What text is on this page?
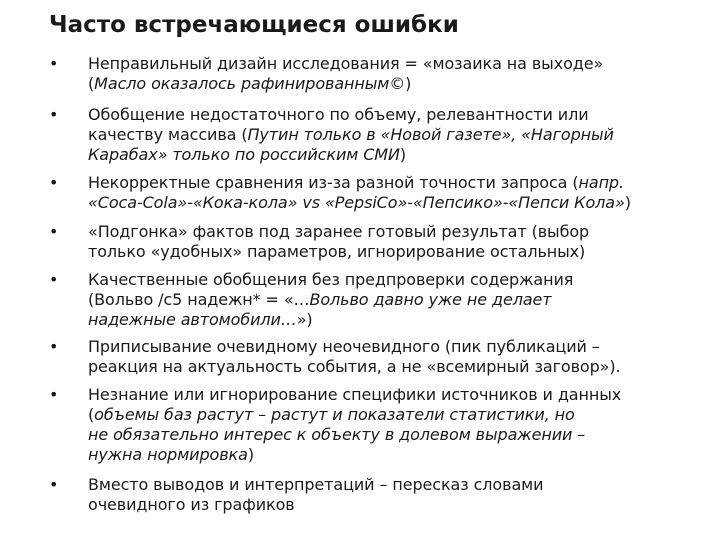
Часто встречающиеся ошибки
• Неправильный дизайн исследования = «мозаика на выходе»
(Масло оказалось рафинированным©)
• Обобщение недостаточного по объему, релевантности или
качеству массива (Путин только в «Новой газете», «Нагорный
Карабах» только по российским СМИ)
• Некорректные сравнения из-за разной точности запроса (напр.
«Coca-Cola»-«Кока-кола» vs «PepsiCo»-«Пепсико»-«Пепси Кола»)
• «Подгонка» фактов под заранее готовый результат (выбор
только «удобных» параметров, игнорирование остальных)
• Качественные обобщения без предпроверки содержания
(Вольво /c5 надежн* = «…Вольво давно уже не делает
надежные автомобили…»)
• Приписывание очевидному неочевидного (пик публикаций –
реакция на актуальность события, а не «всемирный заговор»).
• Незнание или игнорирование специфики источников и данных
(объемы баз растут – растут и показатели статистики, но
не обязательно интерес к объекту в долевом выражении –
нужна нормировка)
• Вместо выводов и интерпретаций – пересказ словами
очевидного из графиков
